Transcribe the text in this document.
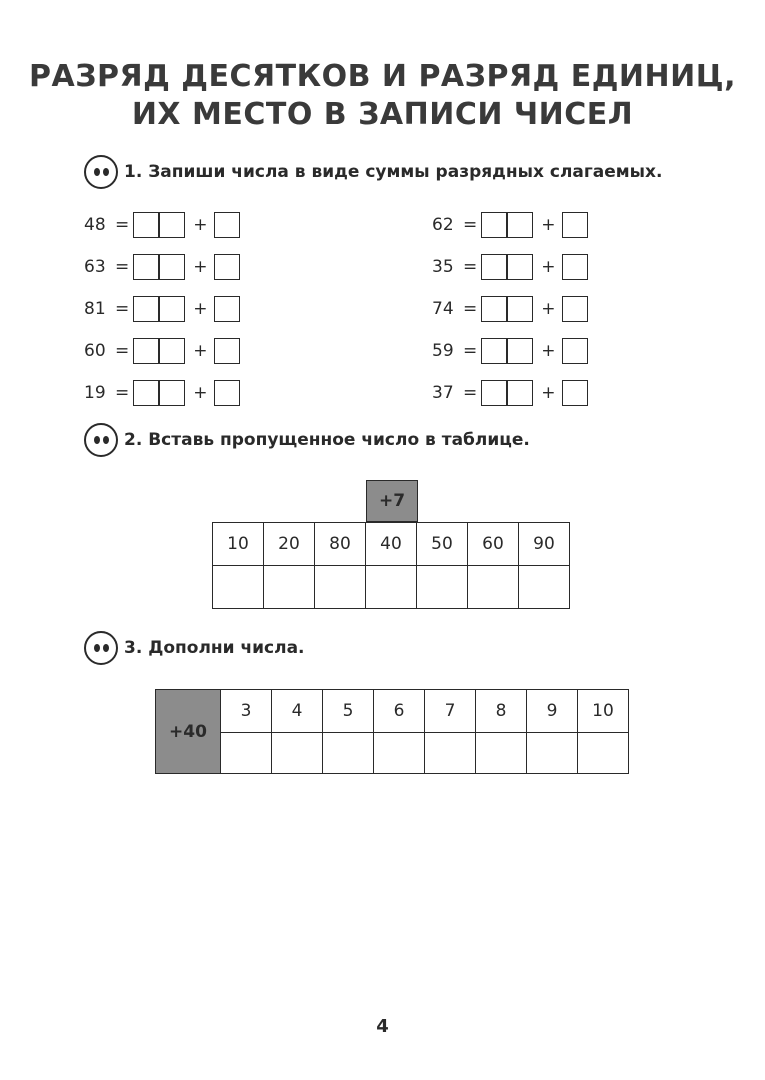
РАЗРЯД ДЕСЯТКОВ И РАЗРЯД ЕДИНИЦ,
ИХ МЕСТО В ЗАПИСИ ЧИСЕЛ
1. Запиши числа в виде суммы разрядных слагаемых.
48 =	+
63 =	+
81 =	+
60 =	+
19 =	+
62 =	+
35 =	+
74 =	+
59 =	+
37 =	+
2. Вставь пропущенное число в таблице.
+7
10	20	80	40	50	60	90

3. Дополни числа.
+40	3	4	5	6	7	8	9	10

4
